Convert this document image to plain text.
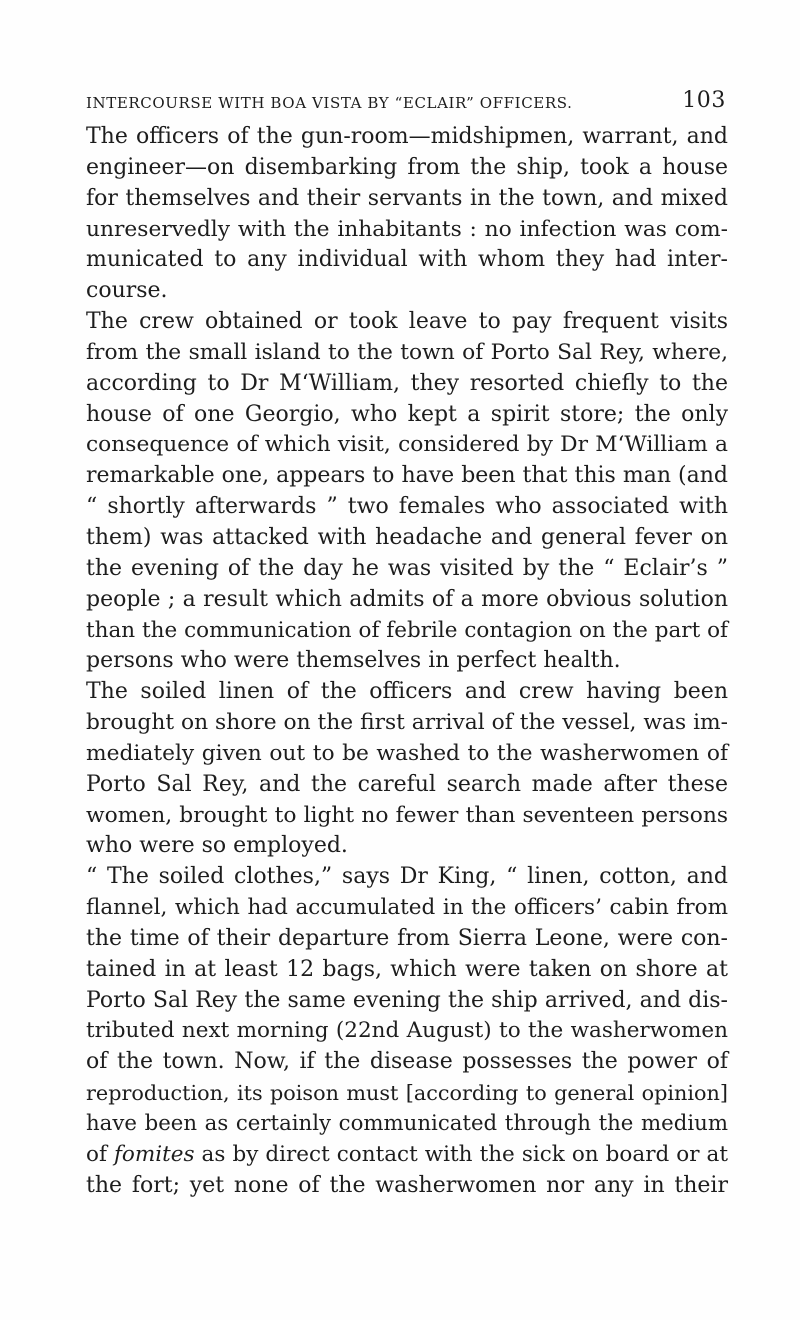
INTERCOURSE WITH BOA VISTA BY “ECLAIR” OFFICERS.	103
The officers of the gun-room—midshipmen, warrant, and
engineer—on disembarking from the ship, took a house
for themselves and their servants in the town, and mixed
unreservedly with the inhabitants : no infection was com-
municated to any individual with whom they had inter-
course.
The crew obtained or took leave to pay frequent visits
from the small island to the town of Porto Sal Rey, where,
according to Dr M‘William, they resorted chiefly to the
house of one Georgio, who kept a spirit store; the only
consequence of which visit, considered by Dr M‘William a
remarkable one, appears to have been that this man (and
“ shortly afterwards ” two females who associated with
them) was attacked with headache and general fever on
the evening of the day he was visited by the “ Eclair’s ”
people ; a result which admits of a more obvious solution
than the communication of febrile contagion on the part of
persons who were themselves in perfect health.
The soiled linen of the officers and crew having been
brought on shore on the first arrival of the vessel, was im-
mediately given out to be washed to the washerwomen of
Porto Sal Rey, and the careful search made after these
women, brought to light no fewer than seventeen persons
who were so employed.
“ The soiled clothes,” says Dr King, “ linen, cotton, and
flannel, which had accumulated in the officers’ cabin from
the time of their departure from Sierra Leone, were con-
tained in at least 12 bags, which were taken on shore at
Porto Sal Rey the same evening the ship arrived, and dis-
tributed next morning (22nd August) to the washerwomen
of the town. Now, if the disease possesses the power of
reproduction, its poison must [according to general opinion]
have been as certainly communicated through the medium
of fomites as by direct contact with the sick on board or at
the fort; yet none of the washerwomen nor any in their
